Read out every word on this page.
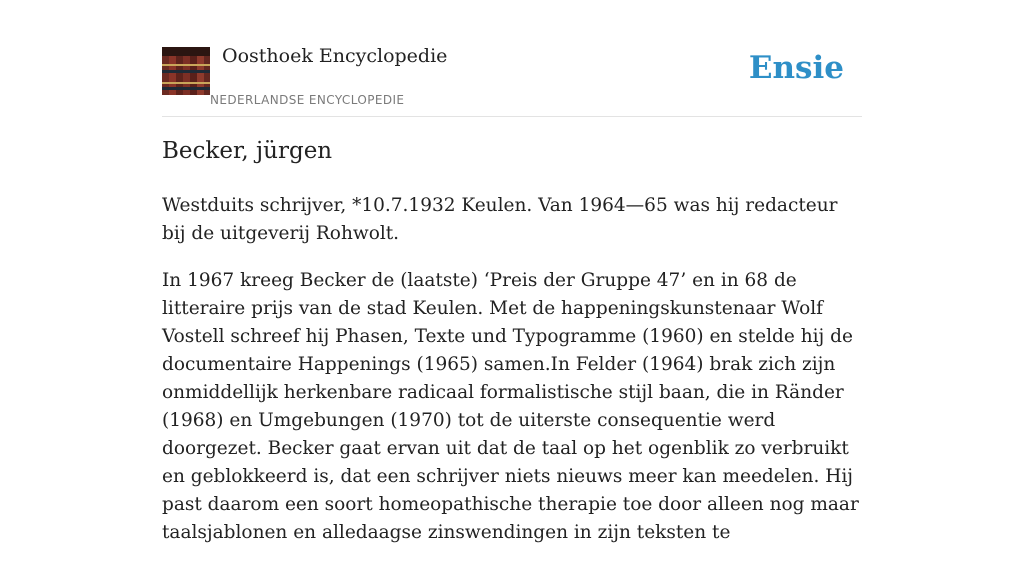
Oosthoek Encyclopedie
NEDERLANDSE ENCYCLOPEDIE
Ensie
Becker, jürgen

Westduits schrijver, *10.7.1932 Keulen. Van 1964—65 was hij redacteur bij de uitgeverij Rohwolt.

In 1967 kreeg Becker de (laatste) ‘Preis der Gruppe 47’ en in 68 de litteraire prijs van de stad Keulen. Met de happeningskunstenaar Wolf Vostell schreef hij Phasen, Texte und Typogramme (1960) en stelde hij de documentaire Happenings (1965) samen.In Felder (1964) brak zich zijn onmiddellijk herkenbare radicaal formalistische stijl baan, die in Ränder (1968) en Umgebungen (1970) tot de uiterste consequentie werd doorgezet. Becker gaat ervan uit dat de taal op het ogenblik zo verbruikt en geblokkeerd is, dat een schrijver niets nieuws meer kan meedelen. Hij past daarom een soort homeopathische therapie toe door alleen nog maar taalsjablonen en alledaagse zinswendingen in zijn teksten te
